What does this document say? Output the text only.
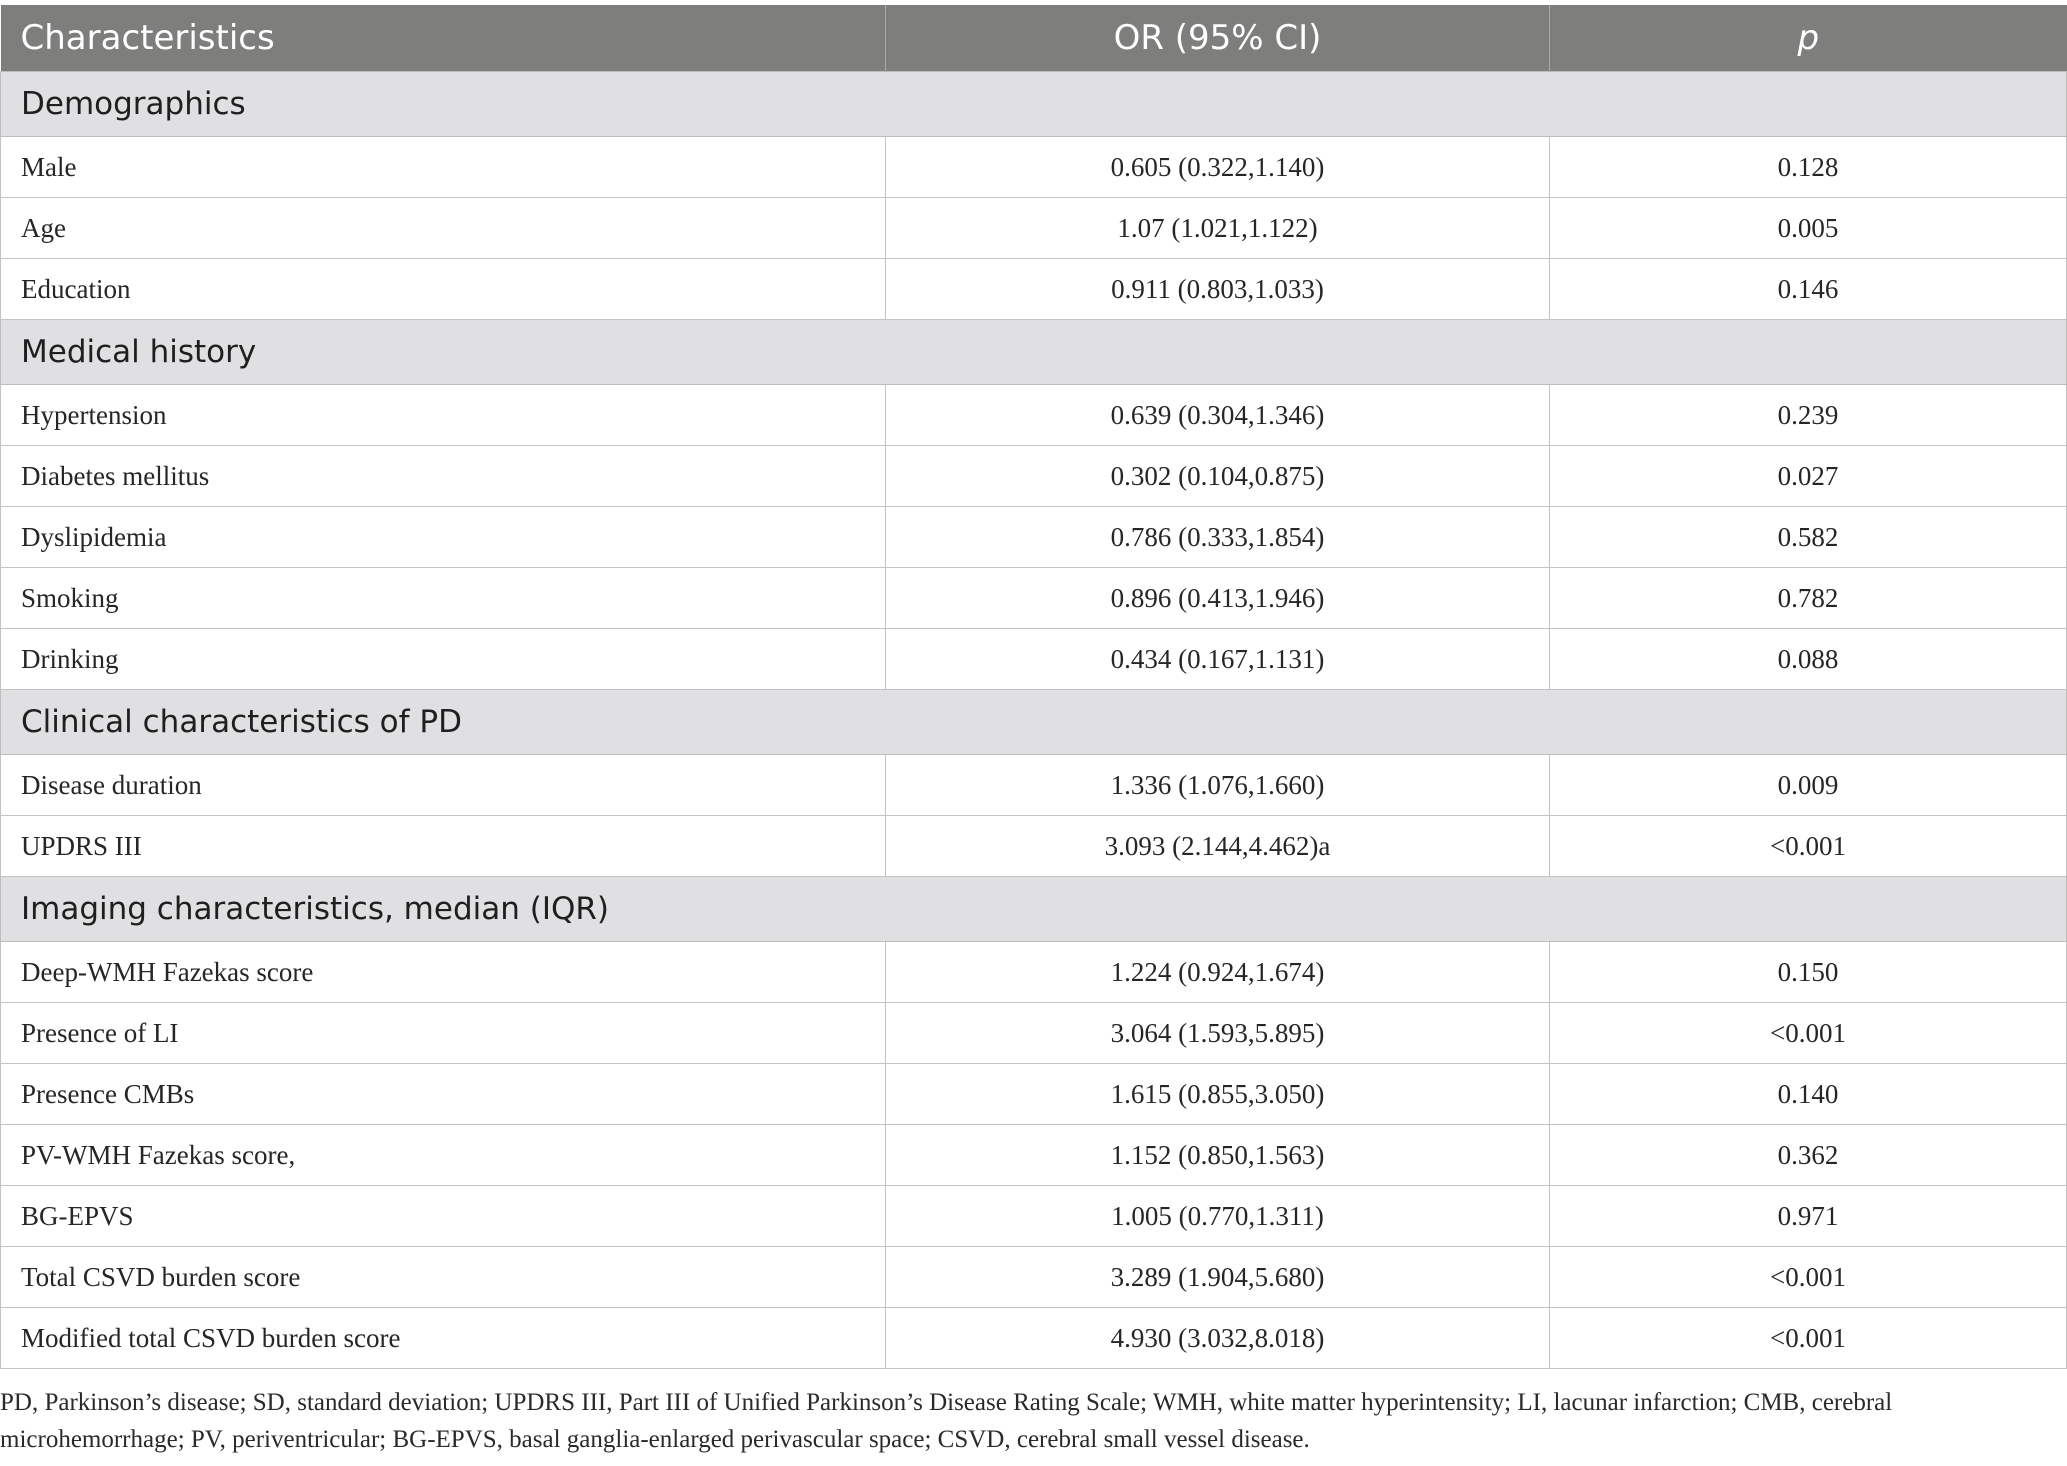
Characteristics	OR (95% CI)	p
Demographics		
Male	0.605 (0.322,1.140)	0.128
Age	1.07 (1.021,1.122)	0.005
Education	0.911 (0.803,1.033)	0.146
Medical history		
Hypertension	0.639 (0.304,1.346)	0.239
Diabetes mellitus	0.302 (0.104,0.875)	0.027
Dyslipidemia	0.786 (0.333,1.854)	0.582
Smoking	0.896 (0.413,1.946)	0.782
Drinking	0.434 (0.167,1.131)	0.088
Clinical characteristics of PD		
Disease duration	1.336 (1.076,1.660)	0.009
UPDRS III	3.093 (2.144,4.462)a	<0.001
Imaging characteristics, median (IQR)		
Deep-WMH Fazekas score	1.224 (0.924,1.674)	0.150
Presence of LI	3.064 (1.593,5.895)	<0.001
Presence CMBs	1.615 (0.855,3.050)	0.140
PV-WMH Fazekas score,	1.152 (0.850,1.563)	0.362
BG-EPVS	1.005 (0.770,1.311)	0.971
Total CSVD burden score	3.289 (1.904,5.680)	<0.001
Modified total CSVD burden score	4.930 (3.032,8.018)	<0.001

PD, Parkinson’s disease; SD, standard deviation; UPDRS III, Part III of Unified Parkinson’s Disease Rating Scale; WMH, white matter hyperintensity; LI, lacunar infarction; CMB, cerebral microhemorrhage; PV, periventricular; BG-EPVS, basal ganglia-enlarged perivascular space; CSVD, cerebral small vessel disease.
